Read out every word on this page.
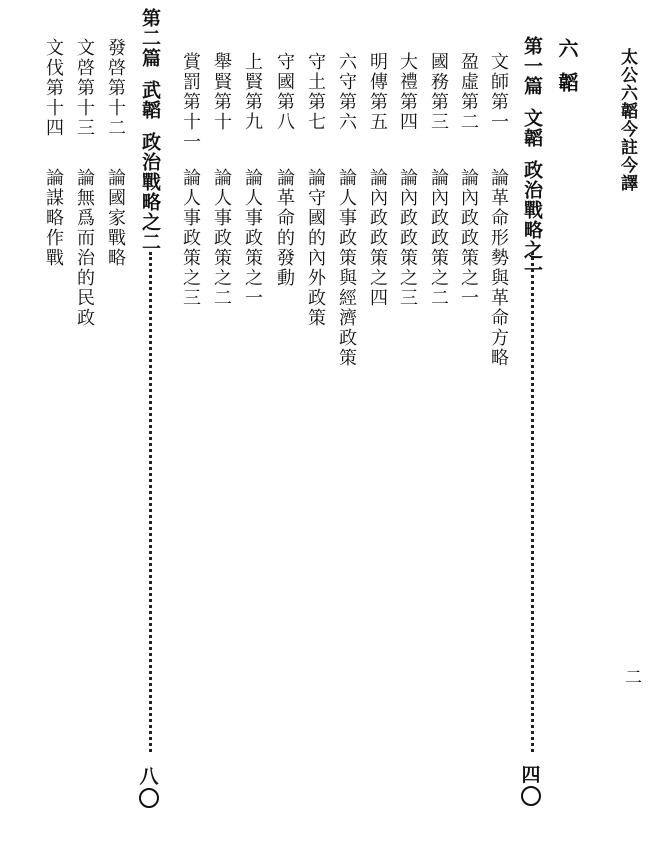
太公六韜今註今譯
二
六韜
第一篇文韜政治戰略之一
四
文師第一
論革命形勢與革命方略
盈虛第二
論內政政策之一
國務第三
論內政政策之二
大禮第四
論內政政策之三
明傳第五
論內政政策之四
六守第六
論人事政策與經濟政策
守土第七
論守國的內外政策
守國第八
論革命的發動
上賢第九
論人事政策之一
舉賢第十
論人事政策之二
賞罰第十一
論人事政策之三
第二篇武韜政治戰略之二
八
發啓第十二
論國家戰略
文啓第十三
論無爲而治的民政
文伐第十四
論謀略作戰
